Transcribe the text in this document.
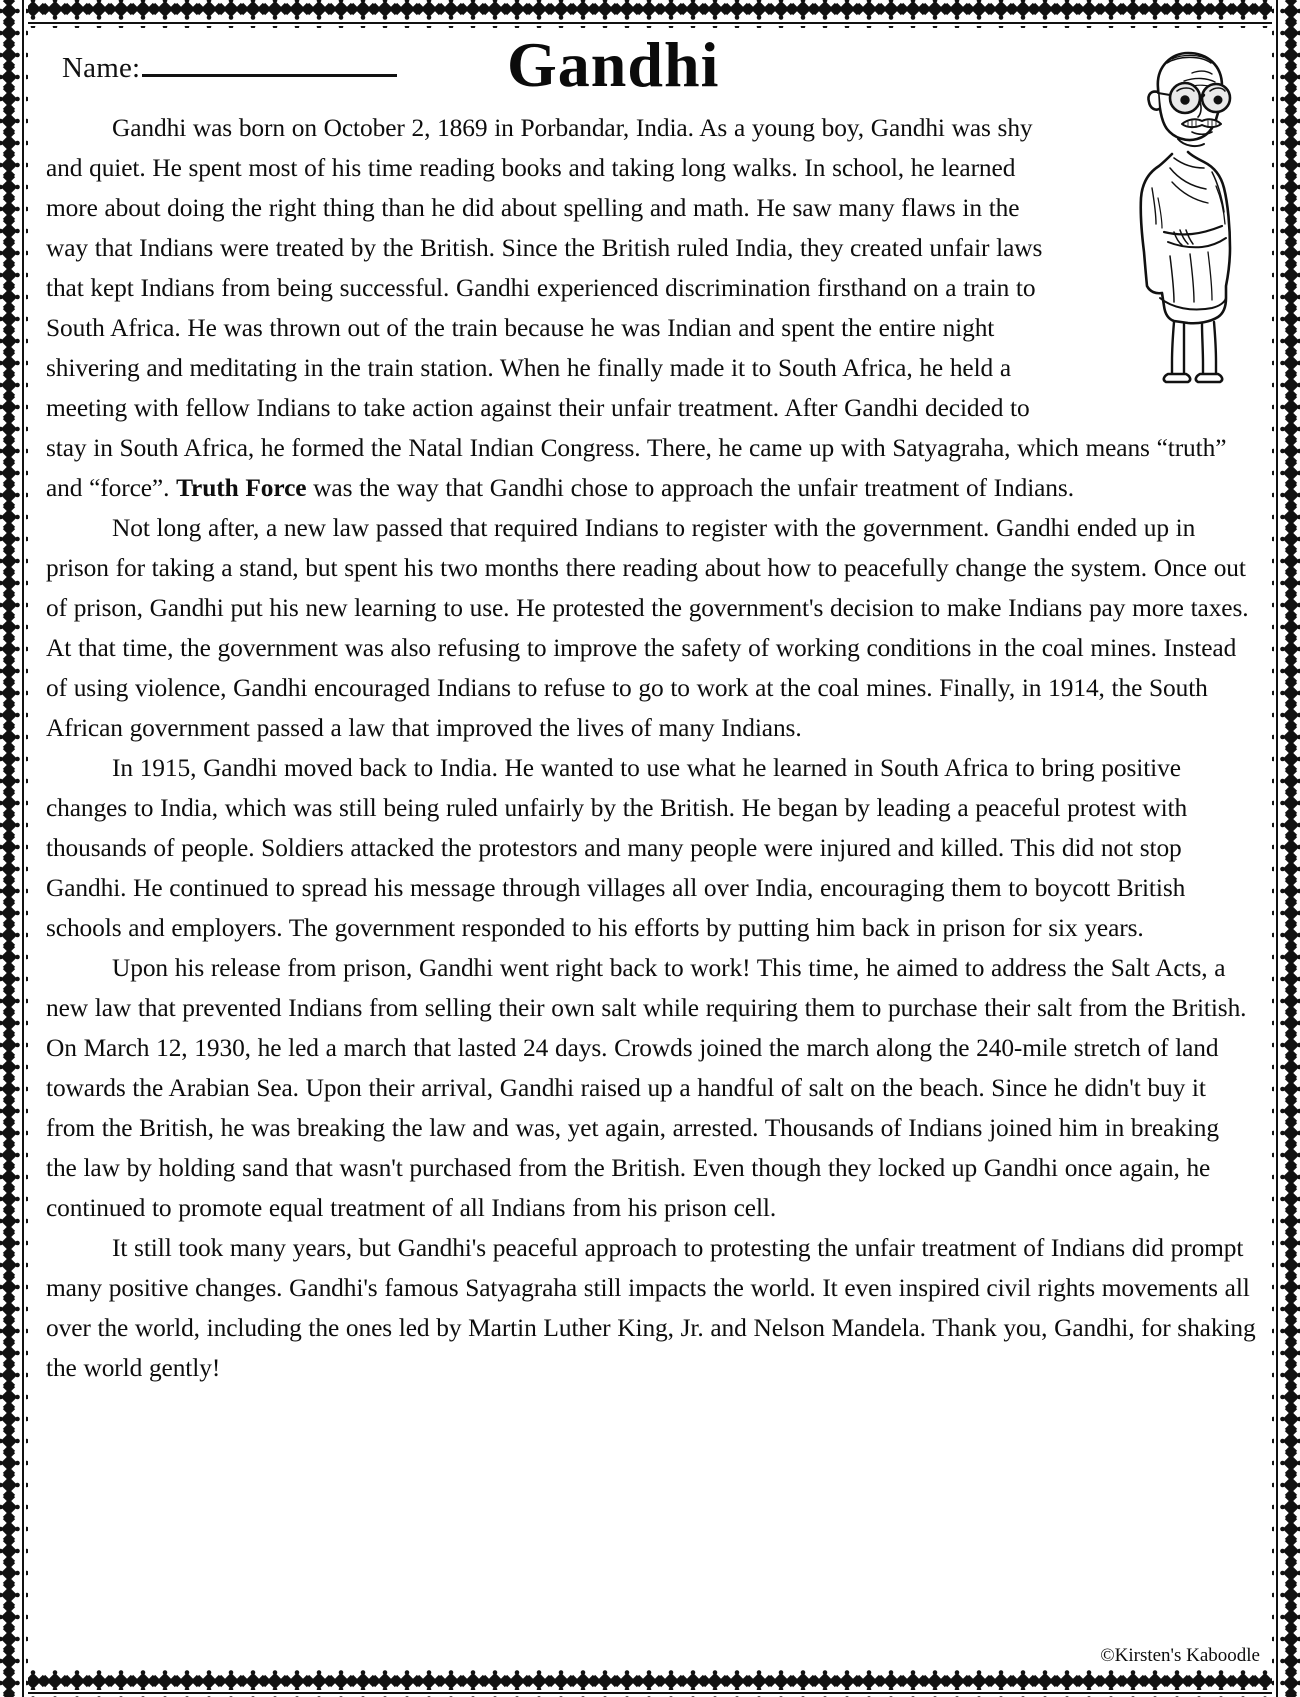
Name:	Gandhi

Gandhi was born on October 2, 1869 in Porbandar, India. As a young boy, Gandhi was shy and quiet. He spent most of his time reading books and taking long walks. In school, he learned more about doing the right thing than he did about spelling and math. He saw many flaws in the way that Indians were treated by the British. Since the British ruled India, they created unfair laws that kept Indians from being successful. Gandhi experienced discrimination firsthand on a train to South Africa. He was thrown out of the train because he was Indian and spent the entire night shivering and meditating in the train station. When he finally made it to South Africa, he held a meeting with fellow Indians to take action against their unfair treatment. After Gandhi decided to stay in South Africa, he formed the Natal Indian Congress. There, he came up with Satyagraha, which means “truth” and “force”. Truth Force was the way that Gandhi chose to approach the unfair treatment of Indians.

Not long after, a new law passed that required Indians to register with the government. Gandhi ended up in prison for taking a stand, but spent his two months there reading about how to peacefully change the system. Once out of prison, Gandhi put his new learning to use. He protested the government's decision to make Indians pay more taxes. At that time, the government was also refusing to improve the safety of working conditions in the coal mines. Instead of using violence, Gandhi encouraged Indians to refuse to go to work at the coal mines. Finally, in 1914, the South African government passed a law that improved the lives of many Indians.

In 1915, Gandhi moved back to India. He wanted to use what he learned in South Africa to bring positive changes to India, which was still being ruled unfairly by the British. He began by leading a peaceful protest with thousands of people. Soldiers attacked the protestors and many people were injured and killed. This did not stop Gandhi. He continued to spread his message through villages all over India, encouraging them to boycott British schools and employers. The government responded to his efforts by putting him back in prison for six years.

Upon his release from prison, Gandhi went right back to work! This time, he aimed to address the Salt Acts, a new law that prevented Indians from selling their own salt while requiring them to purchase their salt from the British. On March 12, 1930, he led a march that lasted 24 days. Crowds joined the march along the 240-mile stretch of land towards the Arabian Sea. Upon their arrival, Gandhi raised up a handful of salt on the beach. Since he didn't buy it from the British, he was breaking the law and was, yet again, arrested. Thousands of Indians joined him in breaking the law by holding sand that wasn't purchased from the British. Even though they locked up Gandhi once again, he continued to promote equal treatment of all Indians from his prison cell.

It still took many years, but Gandhi's peaceful approach to protesting the unfair treatment of Indians did prompt many positive changes. Gandhi's famous Satyagraha still impacts the world. It even inspired civil rights movements all over the world, including the ones led by Martin Luther King, Jr. and Nelson Mandela. Thank you, Gandhi, for shaking the world gently!

©Kirsten's Kaboodle
